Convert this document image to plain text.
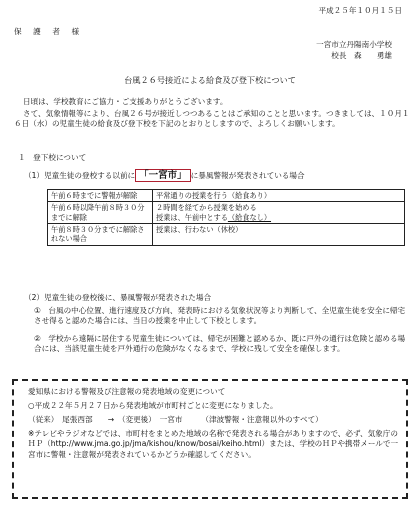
平成２５年１０月１５日
保　護　者　様
一宮市立丹陽南小学校
校長　森　　勇雄
台風２６号接近による給食及び登下校について
日頃は、学校教育にご協力・ご支援ありがとうございます。
さて、気象情報等により、台風２６号が接近しつつあることはご承知のことと思います。つきましては、１０月１６日（水）の児童生徒の給食及び登下校を下記のとおりとしますので、よろしくお願いします。
１　登下校について
（1）児童生徒の登校する以前に 「一宮市」 に暴風警報が発表されている場合
午前６時までに警報が解除	平常通りの授業を行う（給食あり）
午前６時以降午前８時３０分までに解除	２時間を経てから授業を始める
授業は、午前中とする（給食なし）

午前８時３０分までに解除されない場合	授業は、行わない（休校）
（2）児童生徒の登校後に、暴風警報が発表された場合
①　台風の中心位置、進行速度及び方向、発表時における気象状況等より判断して、全児童生徒を安全に帰宅させ得ると認めた場合には、当日の授業を中止して下校とします。
②　学校から遠隔に居住する児童生徒については、帰宅が困難と認めるか、既に戸外の通行は危険と認める場合には、当該児童生徒を戸外通行の危険がなくなるまで、学校に残して安全を確保します。
愛知県における警報及び注意報の発表地域の変更について
○平成２２年５月２７日から発表地域が市町村ごとに変更になりました。
（従来）　尾張西部　　→　（変更後）　一宮市　　　（津波警報・注意報以外のすべて）
※テレビやラジオなどでは、市町村をまとめた地域の名称で発表される場合がありますので、必ず、気象庁のＨＰ（http://www.jma.go.jp/jma/kishou/know/bosai/keiho.html）または、学校のＨＰや携帯メールで一宮市に警報・注意報が発表されているかどうか確認してください。
